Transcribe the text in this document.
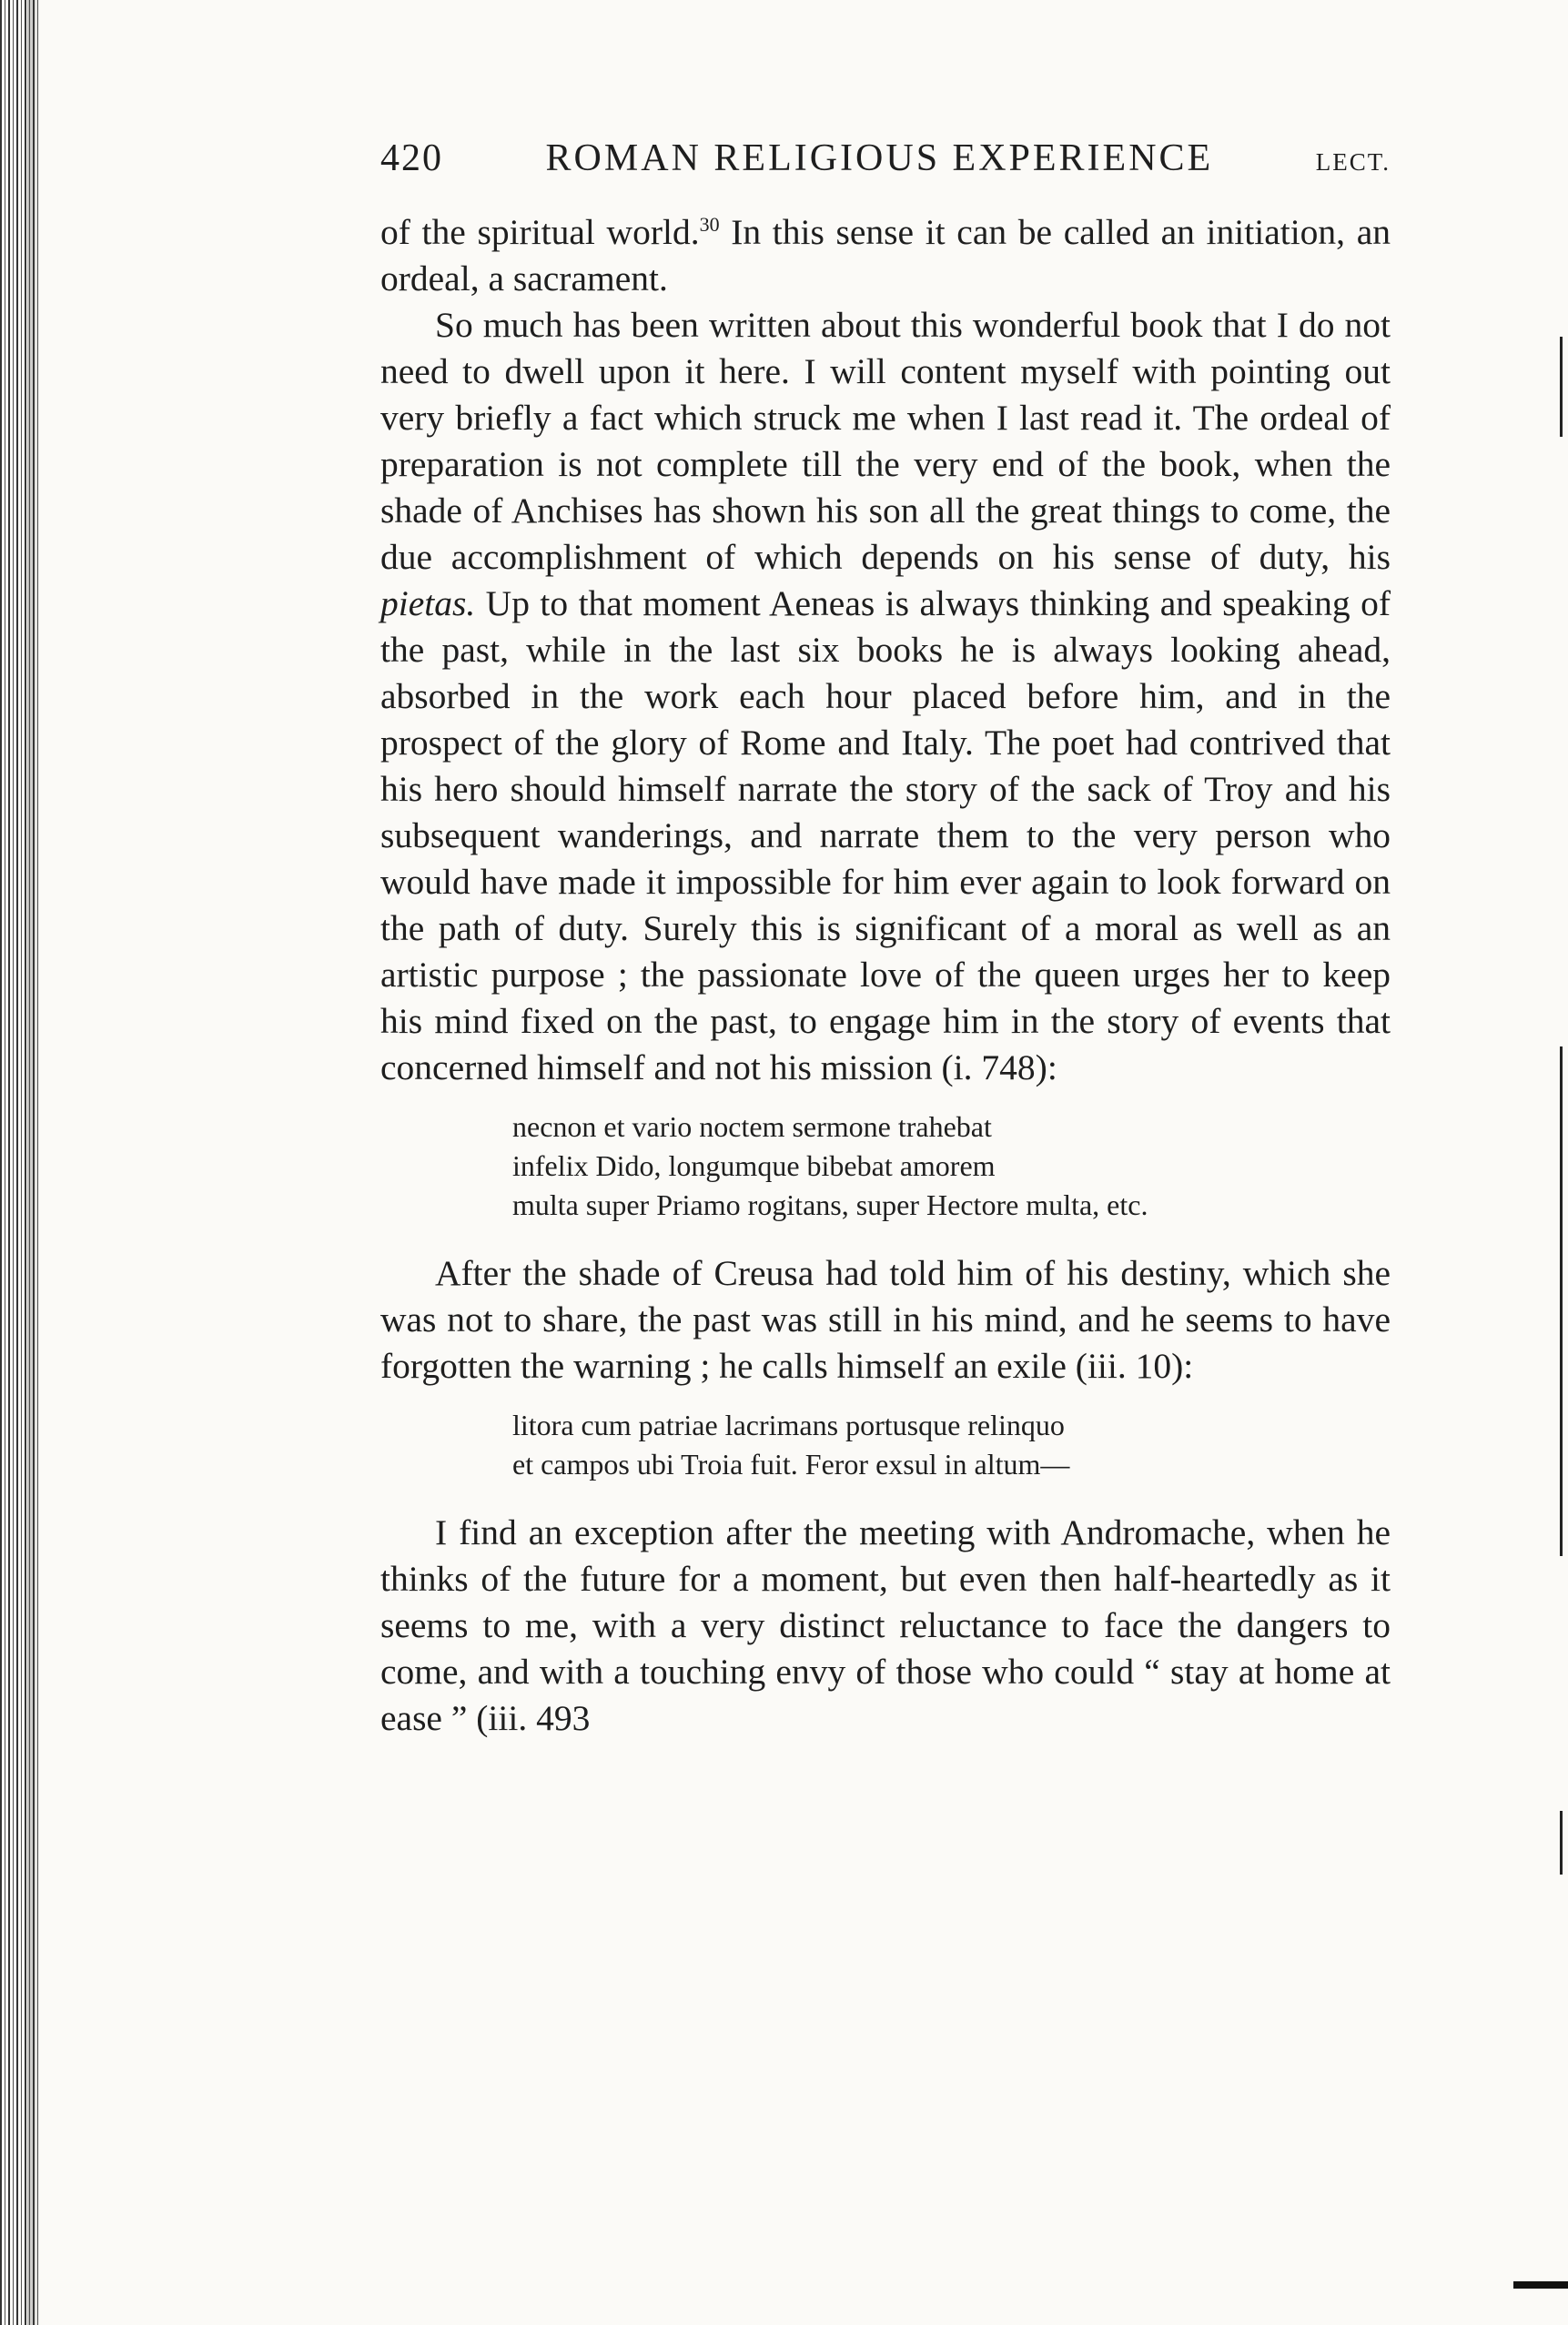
420	ROMAN RELIGIOUS EXPERIENCE	LECT.

of the spiritual world.$^{30}$ In this sense it can be called an initiation, an ordeal, a sacrament.

So much has been written about this wonderful book that I do not need to dwell upon it here. I will content myself with pointing out very briefly a fact which struck me when I last read it. The ordeal of preparation is not complete till the very end of the book, when the shade of Anchises has shown his son all the great things to come, the due accomplishment of which depends on his sense of duty, his pietas. Up to that moment Aeneas is always thinking and speaking of the past, while in the last six books he is always looking ahead, absorbed in the work each hour placed before him, and in the prospect of the glory of Rome and Italy. The poet had contrived that his hero should himself narrate the story of the sack of Troy and his subsequent wanderings, and narrate them to the very person who would have made it impossible for him ever again to look forward on the path of duty. Surely this is significant of a moral as well as an artistic purpose ; the passionate love of the queen urges her to keep his mind fixed on the past, to engage him in the story of events that concerned himself and not his mission (i. 748):

necnon et vario noctem sermone trahebat
infelix Dido, longumque bibebat amorem
multa super Priamo rogitans, super Hectore multa, etc.

After the shade of Creusa had told him of his destiny, which she was not to share, the past was still in his mind, and he seems to have forgotten the warning ; he calls himself an exile (iii. 10):

litora cum patriae lacrimans portusque relinquo
et campos ubi Troia fuit. Feror exsul in altum—

I find an exception after the meeting with Andromache, when he thinks of the future for a moment, but even then half-heartedly as it seems to me, with a very distinct reluctance to face the dangers to come, and with a touching envy of those who could “ stay at home at ease ” (iii. 493
